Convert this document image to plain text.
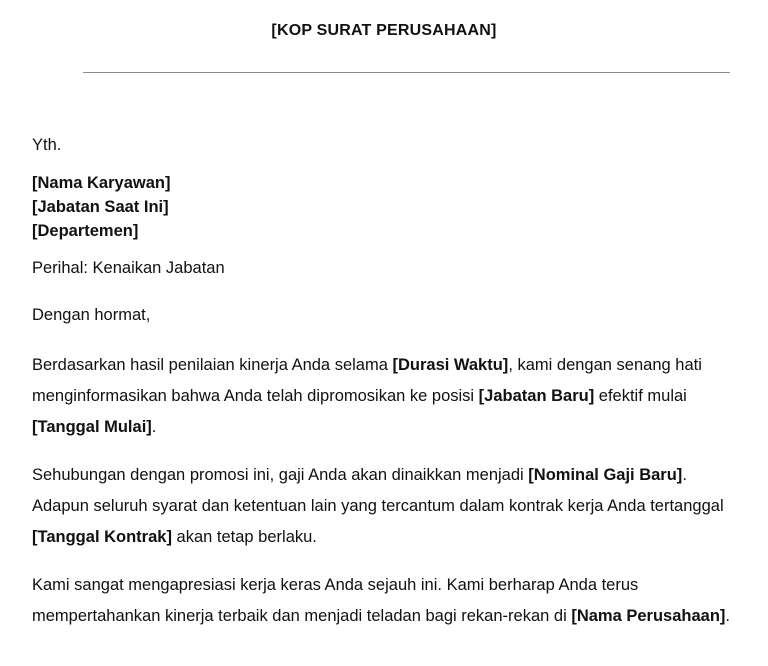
[KOP SURAT PERUSAHAAN]
Yth.
[Nama Karyawan]
[Jabatan Saat Ini]
[Departemen]
Perihal: Kenaikan Jabatan
Dengan hormat,

Berdasarkan hasil penilaian kinerja Anda selama [Durasi Waktu], kami dengan senang hati menginformasikan bahwa Anda telah dipromosikan ke posisi [Jabatan Baru] efektif mulai [Tanggal Mulai].

Sehubungan dengan promosi ini, gaji Anda akan dinaikkan menjadi [Nominal Gaji Baru]. Adapun seluruh syarat dan ketentuan lain yang tercantum dalam kontrak kerja Anda tertanggal [Tanggal Kontrak] akan tetap berlaku.

Kami sangat mengapresiasi kerja keras Anda sejauh ini. Kami berharap Anda terus mempertahankan kinerja terbaik dan menjadi teladan bagi rekan-rekan di [Nama Perusahaan].
